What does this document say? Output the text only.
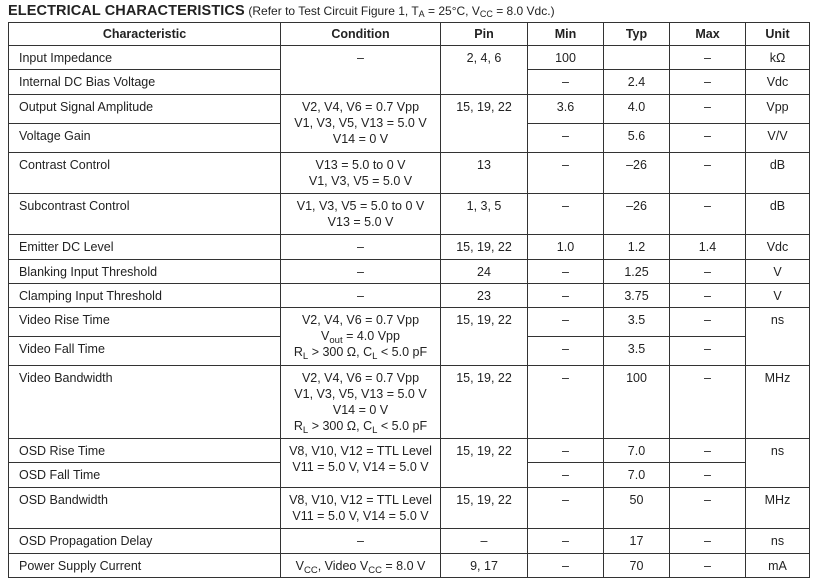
ELECTRICAL CHARACTERISTICS (Refer to Test Circuit Figure 1, $T_A = 25^\circ C$, $V_{CC} = 8.0$ Vdc.)
Characteristic	Condition	Pin	Min	Typ	Max	Unit
Input Impedance	–	2, 4, 6	100		–	kΩ
Internal DC Bias Voltage			–	2.4	–	Vdc
Output Signal Amplitude	V2, V4, V6 = 0.7 Vpp
V1, V3, V5, V13 = 5.0 V
V14 = 0 V	15, 19, 22	3.6	4.0	–	Vpp
Voltage Gain			–	5.6	–	V/V
Contrast Control	V13 = 5.0 to 0 V
V1, V3, V5 = 5.0 V	13	–	–26	–	dB
Subcontrast Control	V1, V3, V5 = 5.0 to 0 V
V13 = 5.0 V	1, 3, 5	–	–26	–	dB
Emitter DC Level	–	15, 19, 22	1.0	1.2	1.4	Vdc
Blanking Input Threshold	–	24	–	1.25	–	V
Clamping Input Threshold	–	23	–	3.75	–	V
Video Rise Time	V2, V4, V6 = 0.7 Vpp
$V_{out} = 4.0$ Vpp
$R_L > 300$ Ω, $C_L < 5.0$ pF	15, 19, 22	–	3.5	–	ns
Video Fall Time			–	3.5	–	
Video Bandwidth	V2, V4, V6 = 0.7 Vpp
V1, V3, V5, V13 = 5.0 V
V14 = 0 V
$R_L > 300$ Ω, $C_L < 5.0$ pF	15, 19, 22	–	100	–	MHz
OSD Rise Time	V8, V10, V12 = TTL Level
V11 = 5.0 V, V14 = 5.0 V	15, 19, 22	–	7.0	–	ns
OSD Fall Time			–	7.0	–	
OSD Bandwidth	V8, V10, V12 = TTL Level
V11 = 5.0 V, V14 = 5.0 V	15, 19, 22	–	50	–	MHz
OSD Propagation Delay	–	–	–	17	–	ns
Power Supply Current	$V_{CC}$, Video $V_{CC} = 8.0$ V	9, 17	–	70	–	mA
